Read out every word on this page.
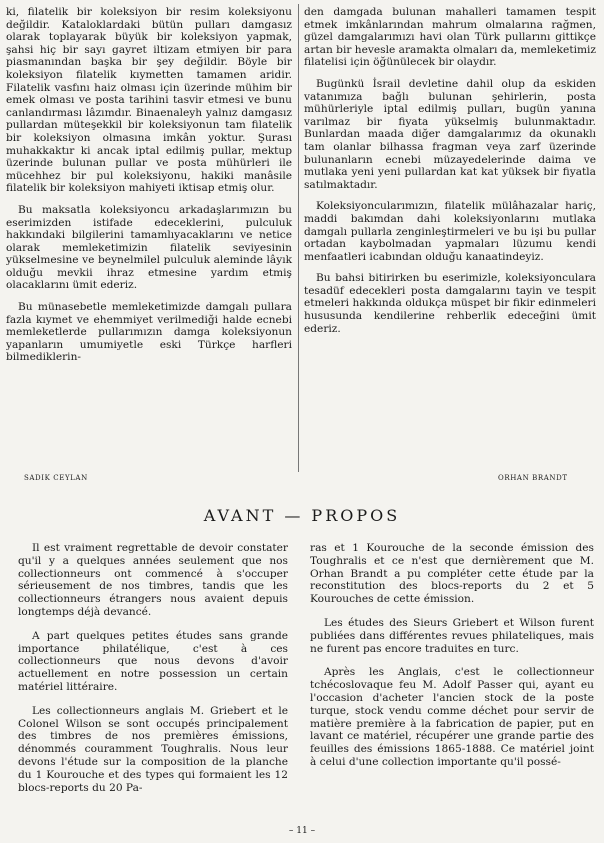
ki, filatelik bir koleksiyon bir resim koleksiyonu değildir. Kataloklardaki bütün pulları damgasız olarak toplayarak büyük bir koleksiyon yapmak, şahsi hiç bir sayı gayret iltizam etmiyen bir para piasmanından başka bir şey değildir. Böyle bir koleksiyon filatelik kıymetten tamamen aridir. Filatelik vasfını haiz olması için üzerinde mühim bir emek olması ve posta tarihini tasvir etmesi ve bunu canlandırması lâzımdır. Binaenaleyh yalnız damgasız pullardan müteşekkil bir koleksiyonun tam filatelik bir koleksiyon olmasına imkân yoktur. Şurası muhakkaktır ki ancak iptal edilmiş pullar, mektup üzerinde bulunan pullar ve posta mühürleri ile mücehhez bir pul koleksiyonu, hakiki manâsile filatelik bir koleksiyon mahiyeti iktisap etmiş olur.

Bu maksatla koleksiyoncu arkadaşlarımızın bu eserimizden istifade edeceklerini, pulculuk hakkındaki bilgilerini tamamlıyacaklarını ve netice olarak memleketimizin filatelik seviyesinin yükselmesine ve beynelmilel pulculuk aleminde lâyık olduğu mevkii ihraz etmesine yardım etmiş olacaklarını ümit ederiz.

Bu münasebetle memleketimizde damgalı pullara fazla kıymet ve ehemmiyet verilmediği halde ecnebi memleketlerde pullarımızın damga koleksiyonun yapanların umumiyetle eski Türkçe harfleri bilmediklerin-

den damgada bulunan mahalleri tamamen tespit etmek imkânlarından mahrum olmalarına rağmen, güzel damgalarımızı havi olan Türk pullarını gittikçe artan bir hevesle aramakta olmaları da, memleketimiz filatelisi için öğünülecek bir olaydır.

Bugünkü İsrail devletine dahil olup da eskiden vatanımıza bağlı bulunan şehirlerin, posta mühürleriyle iptal edilmiş pulları, bugün yanına varılmaz bir fiyata yükselmiş bulunmaktadır. Bunlardan maada diğer damgalarımız da okunaklı tam olanlar bilhassa fragman veya zarf üzerinde bulunanların ecnebi müzayedelerinde daima ve mutlaka yeni yeni pullardan kat kat yüksek bir fiyatla satılmaktadır.

Koleksiyoncularımızın, filatelik mülâhazalar hariç, maddi bakımdan dahi koleksiyonlarını mutlaka damgalı pullarla zenginleştirmeleri ve bu işi bu pullar ortadan kaybolmadan yapmaları lüzumu kendi menfaatleri icabından olduğu kanaatindeyiz.

Bu bahsi bitirirken bu eserimizle, koleksiyonculara tesadüf edecekleri posta damgalarını tayin ve tespit etmeleri hakkında oldukça müspet bir fikir edinmeleri hususunda kendilerine rehberlik edeceğini ümit ederiz.

SADIK CEYLAN	ORHAN BRANDT
AVANT — PROPOS

Il est vraiment regrettable de devoir constater qu'il y a quelques années seulement que nos collectionneurs ont commencé à s'occuper sérieusement de nos timbres, tandis que les collectionneurs étrangers nous avaient depuis longtemps déjà devancé.

A part quelques petites études sans grande importance philatélique, c'est à ces collectionneurs que nous devons d'avoir actuellement en notre possession un certain matériel littéraire.

Les collectionneurs anglais M. Griebert et le Colonel Wilson se sont occupés principalement des timbres de nos premières émissions, dénommés couramment Toughralis. Nous leur devons l'étude sur la composition de la planche du 1 Kourouche et des types qui formaient les 12 blocs-reports du 20 Pa-

ras et 1 Kourouche de la seconde émission des Toughralis et ce n'est que dernièrement que M. Orhan Brandt a pu compléter cette étude par la reconstitution des blocs-reports du 2 et 5 Kourouches de cette émission.

Les études des Sieurs Griebert et Wilson furent publiées dans différentes revues philateliques, mais ne furent pas encore traduites en turc.

Après les Anglais, c'est le collectionneur tchécoslovaque feu M. Adolf Passer qui, ayant eu l'occasion d'acheter l'ancien stock de la poste turque, stock vendu comme déchet pour servir de matière première à la fabrication de papier, put en lavant ce matériel, récupérer une grande partie des feuilles des émissions 1865-1888. Ce matériel joint à celui d'une collection importante qu'il possé-

– 11 –
